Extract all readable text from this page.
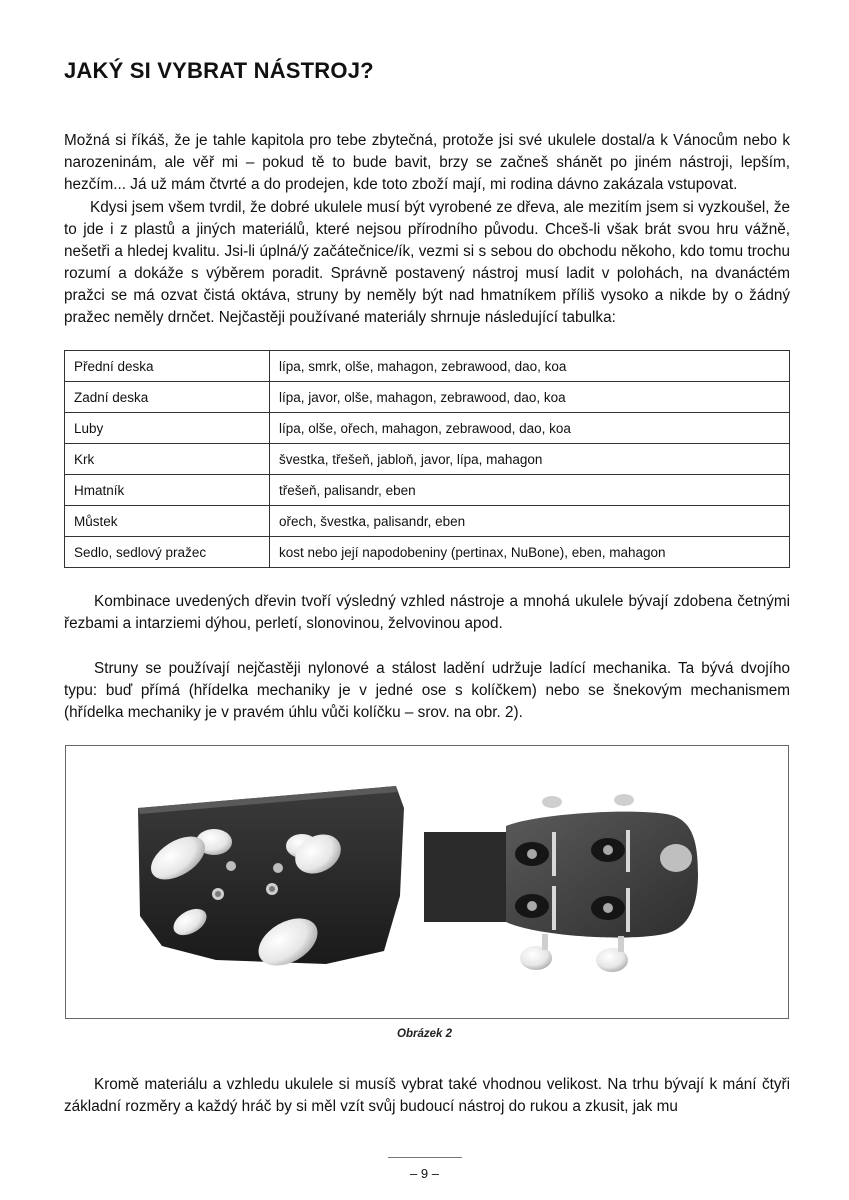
JAKÝ SI VYBRAT NÁSTROJ?

Možná si říkáš, že je tahle kapitola pro tebe zbytečná, protože jsi své ukulele dostal/a k Vánocům nebo k narozeninám, ale věř mi – pokud tě to bude bavit, brzy se začneš shánět po jiném nástroji, lepším, hezčím... Já už mám čtvrté a do prodejen, kde toto zboží mají, mi rodina dávno zakázala vstupovat.

Kdysi jsem všem tvrdil, že dobré ukulele musí být vyrobené ze dřeva, ale mezitím jsem si vyzkoušel, že to jde i z plastů a jiných materiálů, které nejsou přírodního původu. Chceš-li však brát svou hru vážně, nešetři a hledej kvalitu. Jsi-li úplná/ý začátečnice/ík, vezmi si s sebou do obchodu někoho, kdo tomu trochu rozumí a dokáže s výběrem poradit. Správně postavený nástroj musí ladit v polohách, na dvanáctém pražci se má ozvat čistá oktáva, struny by neměly být nad hmatníkem příliš vysoko a nikde by o žádný pražec neměly drnčet. Nejčastěji používané materiály shrnuje následující tabulka:

Přední deska	lípa, smrk, olše, mahagon, zebrawood, dao, koa
Zadní deska	lípa, javor, olše, mahagon, zebrawood, dao, koa
Luby	lípa, olše, ořech, mahagon, zebrawood, dao, koa
Krk	švestka, třešeň, jabloň, javor, lípa, mahagon
Hmatník	třešeň, palisandr, eben
Můstek	ořech, švestka, palisandr, eben
Sedlo, sedlový pražec	kost nebo její napodobeniny (pertinax, NuBone), eben, mahagon

Kombinace uvedených dřevin tvoří výsledný vzhled nástroje a mnohá ukulele bývají zdobena četnými řezbami a intarziemi dýhou, perletí, slonovinou, želvovinou apod.

Struny se používají nejčastěji nylonové a stálost ladění udržuje ladící mechanika. Ta bývá dvojího typu: buď přímá (hřídelka mechaniky je v jedné ose s kolíčkem) nebo se šnekovým mechanismem (hřídelka mechaniky je v pravém úhlu vůči kolíčku – srov. na obr. 2).

Obrázek 2

Kromě materiálu a vzhledu ukulele si musíš vybrat také vhodnou velikost. Na trhu bývají k mání čtyři základní rozměry a každý hráč by si měl vzít svůj budoucí nástroj do rukou a zkusit, jak mu

– 9 –
